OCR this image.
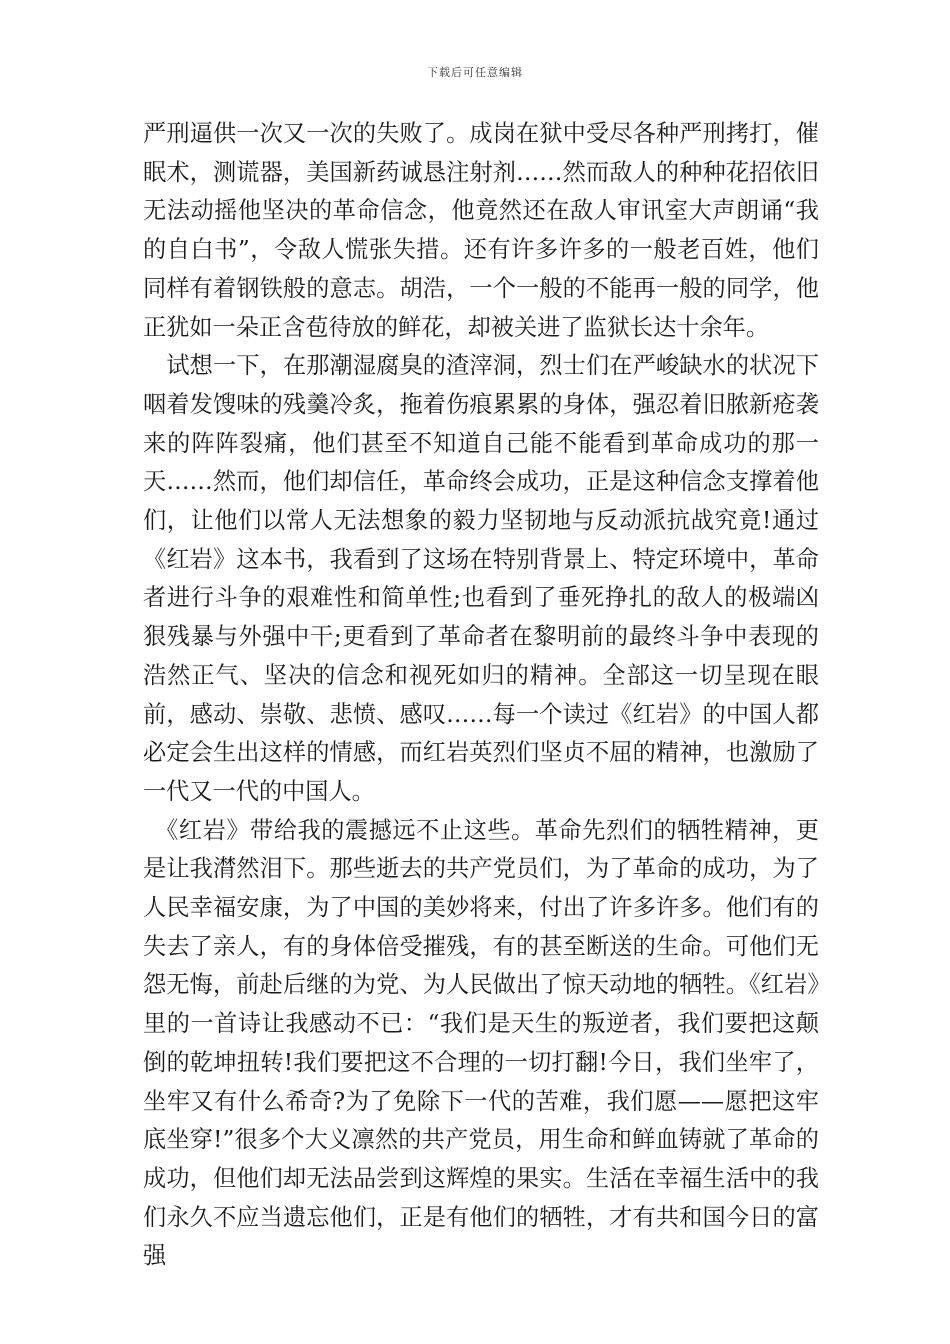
下载后可任意编辑

严刑逼供一次又一次的失败了。成岗在狱中受尽各种严刑拷打，催眠术，测谎器，美国新药诚恳注射剂……然而敌人的种种花招依旧无法动摇他坚决的革命信念，他竟然还在敌人审讯室大声朗诵“我的自白书”，令敌人慌张失措。还有许多许多的一般老百姓，他们同样有着钢铁般的意志。胡浩，一个一般的不能再一般的同学，他正犹如一朵正含苞待放的鲜花，却被关进了监狱长达十余年。

　试想一下，在那潮湿腐臭的渣滓洞，烈士们在严峻缺水的状况下咽着发馊味的残羹冷炙，拖着伤痕累累的身体，强忍着旧脓新疮袭来的阵阵裂痛，他们甚至不知道自己能不能看到革命成功的那一天……然而，他们却信任，革命终会成功，正是这种信念支撑着他们，让他们以常人无法想象的毅力坚韧地与反动派抗战究竟!通过《红岩》这本书，我看到了这场在特别背景上、特定环境中，革命者进行斗争的艰难性和简单性;也看到了垂死挣扎的敌人的极端凶狠残暴与外强中干;更看到了革命者在黎明前的最终斗争中表现的浩然正气、坚决的信念和视死如归的精神。全部这一切呈现在眼前，感动、崇敬、悲愤、感叹……每一个读过《红岩》的中国人都必定会生出这样的情感，而红岩英烈们坚贞不屈的精神，也激励了一代又一代的中国人。

　《红岩》带给我的震撼远不止这些。革命先烈们的牺牲精神，更是让我潸然泪下。那些逝去的共产党员们，为了革命的成功，为了人民幸福安康，为了中国的美妙将来，付出了许多许多。他们有的失去了亲人，有的身体倍受摧残，有的甚至断送的生命。可他们无怨无悔，前赴后继的为党、为人民做出了惊天动地的牺牲。《红岩》里的一首诗让我感动不已：“我们是天生的叛逆者，我们要把这颠倒的乾坤扭转!我们要把这不合理的一切打翻!今日，我们坐牢了，坐牢又有什么希奇?为了免除下一代的苦难，我们愿——愿把这牢底坐穿!”很多个大义凛然的共产党员，用生命和鲜血铸就了革命的成功，但他们却无法品尝到这辉煌的果实。生活在幸福生活中的我们永久不应当遗忘他们，正是有他们的牺牲，才有共和国今日的富强
